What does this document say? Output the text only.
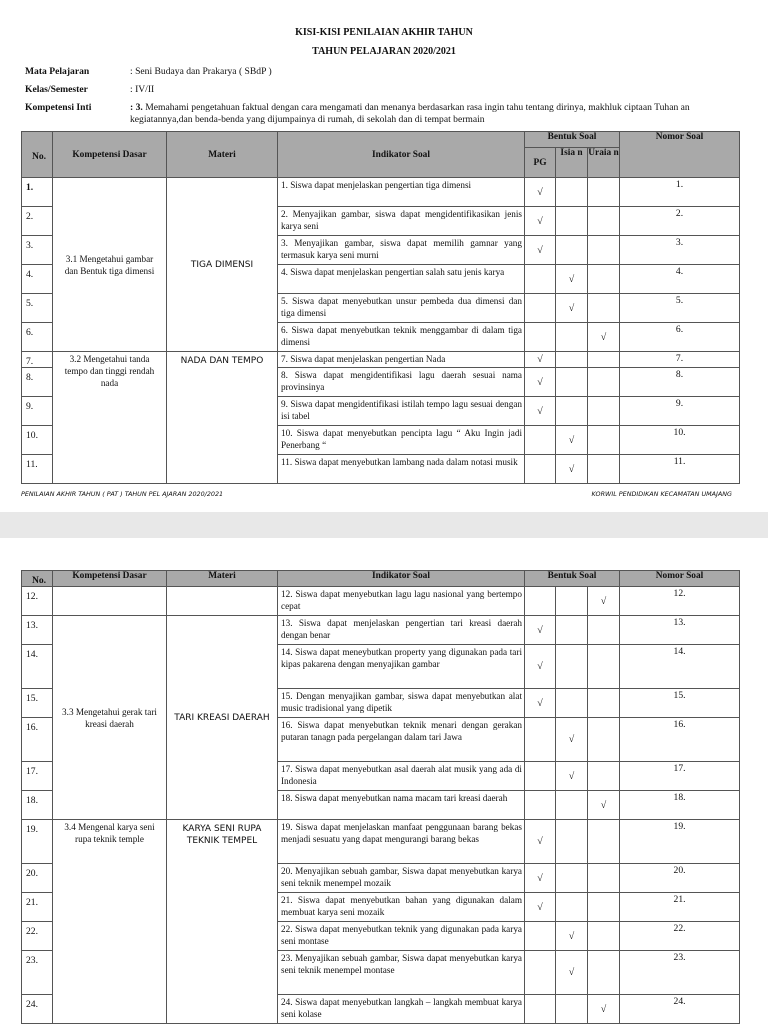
KISI-KISI PENILAIAN AKHIR TAHUN
TAHUN PELAJARAN 2020/2021
Mata Pelajaran	: Seni Budaya dan Prakarya ( SBdP )
Kelas/Semester	: IV/II
Kompetensi Inti	: 3. Memahami pengetahuan faktual dengan cara mengamati dan menanya berdasarkan rasa ingin tahu tentang dirinya, makhluk ciptaan Tuhan an kegiatannya,dan benda-benda yang dijumpainya di rumah, di sekolah dan di tempat bermain
No.	Kompetensi Dasar	Materi	Indikator Soal	Bentuk Soal			Nomor Soal
				PG	Isia n	Uraia n	
1.	3.1 Mengetahui gambar dan Bentuk tiga dimensi	TIGA DIMENSI	1. Siswa dapat menjelaskan pengertian tiga dimensi	√			1.
2.			2. Menyajikan gambar, siswa dapat mengidentifikasikan jenis karya seni	√			2.
3.			3. Menyajikan gambar, siswa dapat memilih gamnar yang termasuk karya seni murni	√			3.
4.			4. Siswa dapat menjelaskan pengertian salah satu jenis karya		√		4.
5.			5. Siswa dapat menyebutkan unsur pembeda dua dimensi dan tiga dimensi		√		5.
6.			6. Siswa dapat menyebutkan teknik menggambar di dalam tiga dimensi			√	6.
7.	3.2 Mengetahui tanda tempo dan tinggi rendah nada	NADA DAN TEMPO	7. Siswa dapat menjelaskan pengertian Nada	√			7.
8.			8. Siswa dapat mengidentifikasi lagu daerah sesuai nama provinsinya	√			8.
9.			9. Siswa dapat mengidentifikasi istilah tempo lagu sesuai dengan isi tabel	√			9.
10.			10. Siswa dapat menyebutkan pencipta lagu “ Aku Ingin jadi Penerbang “		√		10.
11.			11. Siswa dapat menyebutkan lambang nada dalam notasi musik		√		11.
PENILAIAN AKHIR TAHUN ( PAT ) TAHUN PEL AJARAN 2020/2021	KORWIL PENDIDIKAN KECAMATAN UMAJANG
No.	Kompetensi Dasar	Materi	Indikator Soal	Bentuk Soal			Nomor Soal
12.			12. Siswa dapat menyebutkan lagu lagu nasional yang bertempo cepat			√	12.
13.	3.3 Mengetahui gerak tari kreasi daerah	TARI KREASI DAERAH	13. Siswa dapat menjelaskan pengertian tari kreasi daerah dengan benar	√			13.
14.			14. Siswa dapat meneybutkan property yang digunakan pada tari kipas pakarena dengan menyajikan gambar	√			14.
15.			15. Dengan menyajikan gambar, siswa dapat menyebutkan alat music tradisional yang dipetik	√			15.
16.			16. Siswa dapat menyebutkan teknik menari dengan gerakan putaran tanagn pada pergelangan dalam tari Jawa		√		16.
17.			17. Siswa dapat menyebutkan asal daerah alat musik yang ada di Indonesia		√		17.
18.			18. Siswa dapat menyebutkan nama macam tari kreasi daerah			√	18.
19.	3.4 Mengenal karya seni rupa teknik temple	KARYA SENI RUPA TEKNIK TEMPEL	19. Siswa dapat menjelaskan manfaat penggunaan barang bekas menjadi sesuatu yang dapat mengurangi barang bekas	√			19.
20.			20. Menyajikan sebuah gambar, Siswa dapat menyebutkan karya seni teknik menempel mozaik	√			20.
21.			21. Siswa dapat menyebutkan bahan yang digunakan dalam membuat karya seni mozaik	√			21.
22.			22. Siswa dapat menyebutkan teknik yang digunakan pada karya seni montase		√		22.
23.			23. Menyajikan sebuah gambar, Siswa dapat menyebutkan karya seni teknik menempel montase		√		23.
24.			24. Siswa dapat menyebutkan langkah – langkah membuat karya seni kolase			√	24.
